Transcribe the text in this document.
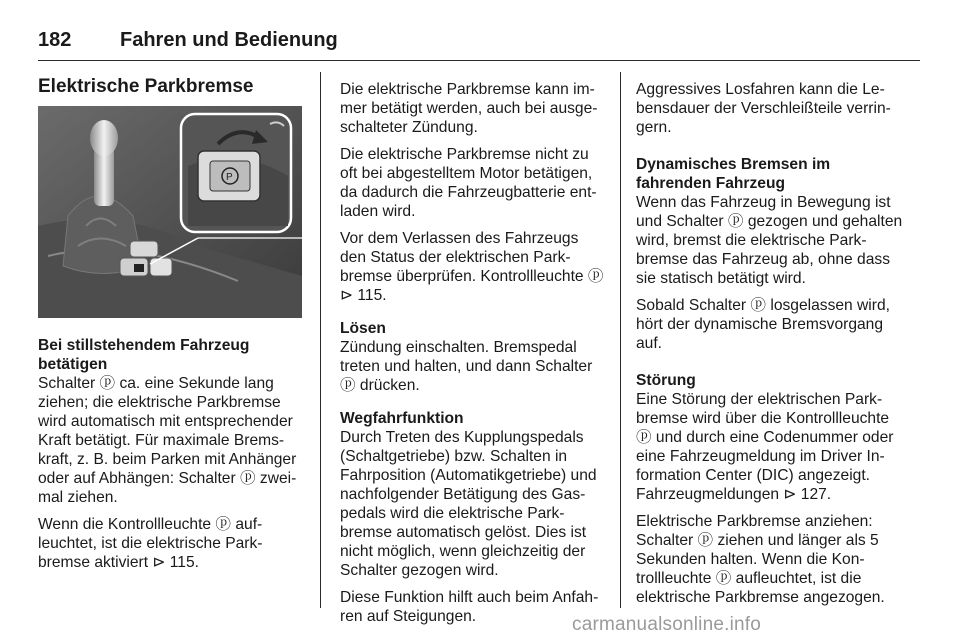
182	Fahren und Bedienung
Elektrische Parkbremse
P
Bei stillstehendem Fahrzeug betätigen

Schalter ⓟ ca. eine Sekunde lang ziehen; die elektrische Parkbremse wird automatisch mit entsprechender Kraft betätigt. Für maximale Bremskraft, z. B. beim Parken mit Anhänger oder auf Abhängen: Schalter ⓟ zweimal ziehen.

Wenn die Kontrollleuchte ⓟ aufleuchtet, ist die elektrische Parkbremse aktiviert ⊳ 115.

Die elektrische Parkbremse kann immer betätigt werden, auch bei ausgeschalteter Zündung.

Die elektrische Parkbremse nicht zu oft bei abgestelltem Motor betätigen, da dadurch die Fahrzeugbatterie entladen wird.

Vor dem Verlassen des Fahrzeugs den Status der elektrischen Parkbremse überprüfen. Kontrollleuchte ⓟ ⊳ 115.

Lösen

Zündung einschalten. Bremspedal treten und halten, und dann Schalter ⓟ drücken.

Wegfahrfunktion

Durch Treten des Kupplungspedals (Schaltgetriebe) bzw. Schalten in Fahrposition (Automatikgetriebe) und nachfolgender Betätigung des Gaspedals wird die elektrische Parkbremse automatisch gelöst. Dies ist nicht möglich, wenn gleichzeitig der Schalter gezogen wird.

Diese Funktion hilft auch beim Anfahren auf Steigungen.

Aggressives Losfahren kann die Lebensdauer der Verschleißteile verringern.

Dynamisches Bremsen im fahrenden Fahrzeug

Wenn das Fahrzeug in Bewegung ist und Schalter ⓟ gezogen und gehalten wird, bremst die elektrische Parkbremse das Fahrzeug ab, ohne dass sie statisch betätigt wird.

Sobald Schalter ⓟ losgelassen wird, hört der dynamische Bremsvorgang auf.

Störung

Eine Störung der elektrischen Parkbremse wird über die Kontrollleuchte ⓟ und durch eine Codenummer oder eine Fahrzeugmeldung im Driver Information Center (DIC) angezeigt. Fahrzeugmeldungen ⊳ 127.

Elektrische Parkbremse anziehen: Schalter ⓟ ziehen und länger als 5 Sekunden halten. Wenn die Kontrollleuchte ⓟ aufleuchtet, ist die elektrische Parkbremse angezogen.

carmanualsonline.info
